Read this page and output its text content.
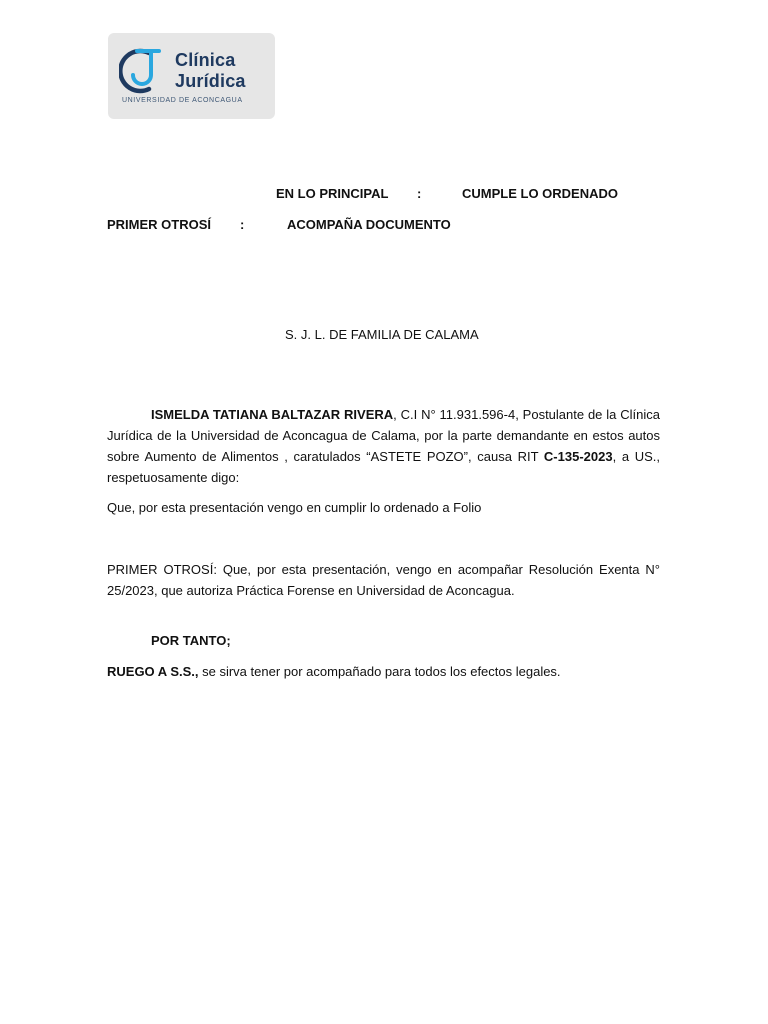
Clínica
Jurídica
UNIVERSIDAD DE ACONCAGUA
EN LO PRINCIPAL :	CUMPLE LO ORDENADO
PRIMER OTROSÍ :	ACOMPAÑA DOCUMENTO
S. J. L. DE FAMILIA DE CALAMA

ISMELDA TATIANA BALTAZAR RIVERA, C.I N° 11.931.596-4, Postulante de la Clínica Jurídica de la Universidad de Aconcagua de Calama, por la parte demandante en estos autos sobre Aumento de Alimentos , caratulados “ASTETE POZO”, causa RIT C-135-2023, a US., respetuosamente digo:

Que, por esta presentación vengo en cumplir lo ordenado a Folio

PRIMER OTROSÍ: Que, por esta presentación, vengo en acompañar Resolución Exenta N° 25/2023, que autoriza Práctica Forense en Universidad de Aconcagua.

POR TANTO;

RUEGO A S.S., se sirva tener por acompañado para todos los efectos legales.
